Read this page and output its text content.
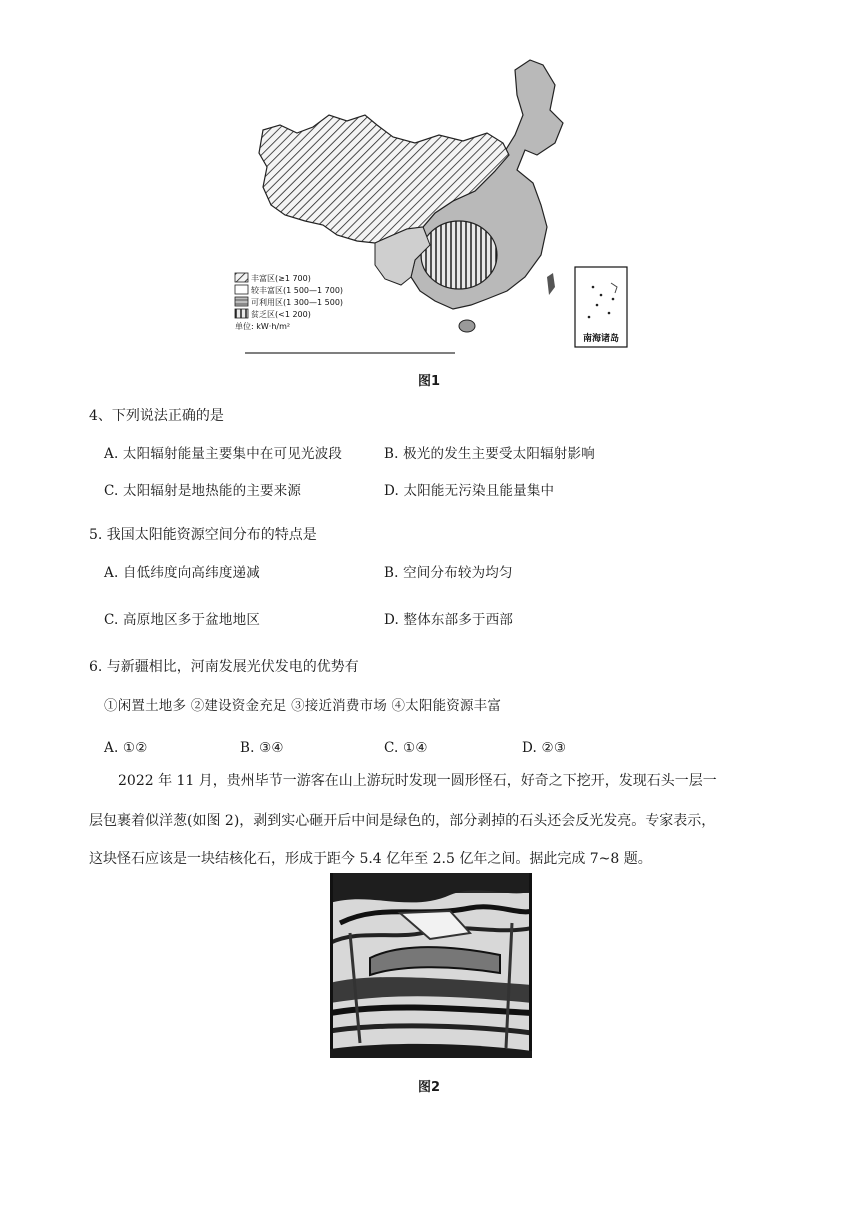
丰富区(≥1 700)
较丰富区(1 500—1 700)
可利用区(1 300—1 500)
贫乏区(<1 200)
单位: kW·h/m²
南海诸岛
图1
4、下列说法正确的是
A. 太阳辐射能量主要集中在可见光波段	B. 极光的发生主要受太阳辐射影响
C. 太阳辐射是地热能的主要来源	D. 太阳能无污染且能量集中
5. 我国太阳能资源空间分布的特点是
A. 自低纬度向高纬度递减	B. 空间分布较为均匀
C. 高原地区多于盆地地区	D. 整体东部多于西部
6. 与新疆相比，河南发展光伏发电的优势有
①闲置土地多 ②建设资金充足 ③接近消费市场 ④太阳能资源丰富
A. ①②	B. ③④	C. ①④	D. ②③
2022 年 11 月，贵州毕节一游客在山上游玩时发现一圆形怪石，好奇之下挖开，发现石头一层一
层包裹着似洋葱(如图 2)，剥到实心砸开后中间是绿色的，部分剥掉的石头还会反光发亮。专家表示，
这块怪石应该是一块结核化石，形成于距今 5.4 亿年至 2.5 亿年之间。据此完成 7~8 题。
图2
